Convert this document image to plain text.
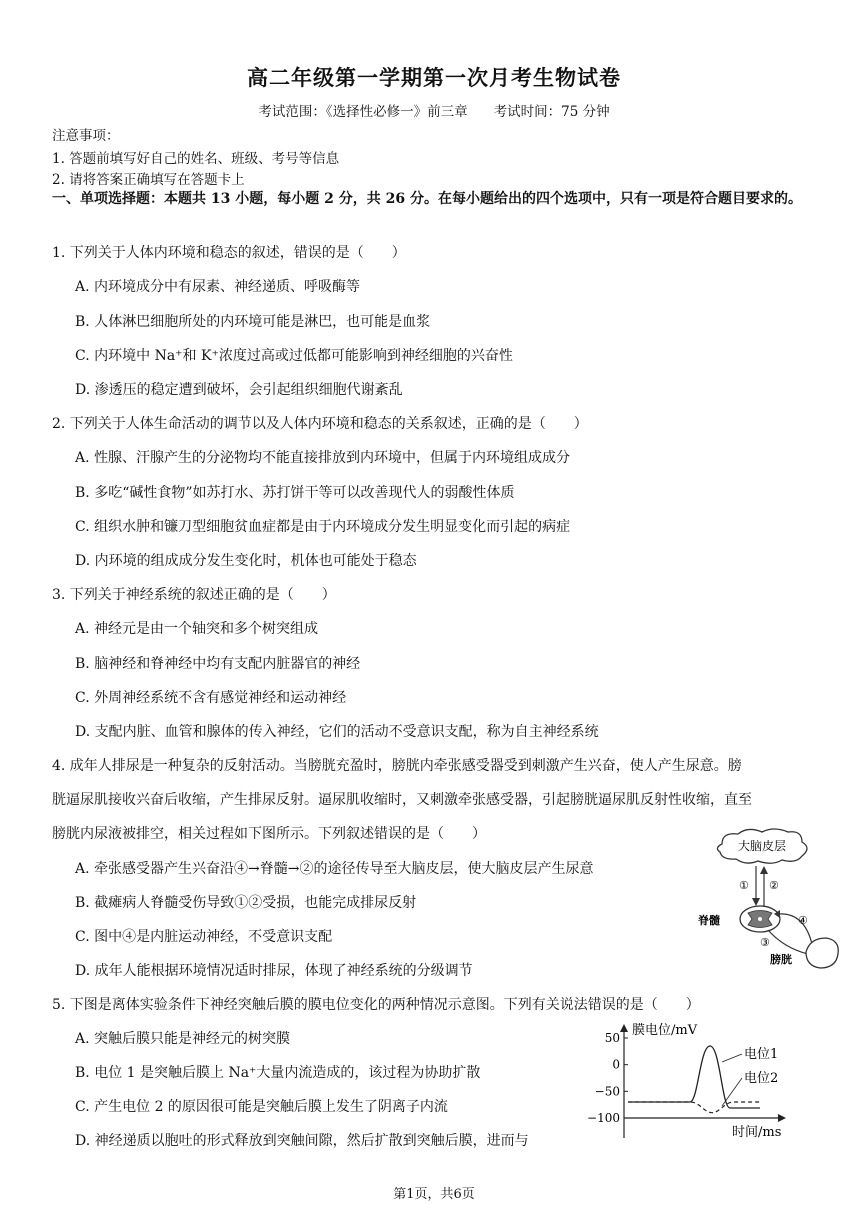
高二年级第一学期第一次月考生物试卷
考试范围：《选择性必修一》前三章 考试时间：75 分钟
注意事项：
1. 答题前填写好自己的姓名、班级、考号等信息
2. 请将答案正确填写在答题卡上
一、单项选择题：本题共 13 小题，每小题 2 分，共 26 分。在每小题给出的四个选项中，只有一项是符合题目要求的。
1. 下列关于人体内环境和稳态的叙述，错误的是（　　）
A. 内环境成分中有尿素、神经递质、呼吸酶等
B. 人体淋巴细胞所处的内环境可能是淋巴，也可能是血浆
C. 内环境中 Na⁺和 K⁺浓度过高或过低都可能影响到神经细胞的兴奋性
D. 渗透压的稳定遭到破坏，会引起组织细胞代谢紊乱
2. 下列关于人体生命活动的调节以及人体内环境和稳态的关系叙述，正确的是（　　）
A. 性腺、汗腺产生的分泌物均不能直接排放到内环境中，但属于内环境组成成分
B. 多吃“碱性食物”如苏打水、苏打饼干等可以改善现代人的弱酸性体质
C. 组织水肿和镰刀型细胞贫血症都是由于内环境成分发生明显变化而引起的病症
D. 内环境的组成成分发生变化时，机体也可能处于稳态
3. 下列关于神经系统的叙述正确的是（　　）
A. 神经元是由一个轴突和多个树突组成
B. 脑神经和脊神经中均有支配内脏器官的神经
C. 外周神经系统不含有感觉神经和运动神经
D. 支配内脏、血管和腺体的传入神经，它们的活动不受意识支配，称为自主神经系统
4. 成年人排尿是一种复杂的反射活动。当膀胱充盈时，膀胱内牵张感受器受到刺激产生兴奋，使人产生尿意。膀
胱逼尿肌接收兴奋后收缩，产生排尿反射。逼尿肌收缩时，又刺激牵张感受器，引起膀胱逼尿肌反射性收缩，直至
膀胱内尿液被排空，相关过程如下图所示。下列叙述错误的是（　　）
A. 牵张感受器产生兴奋沿④→脊髓→②的途径传导至大脑皮层，使大脑皮层产生尿意
B. 截瘫病人脊髓受伤导致①②受损，也能完成排尿反射
C. 图中④是内脏运动神经，不受意识支配
D. 成年人能根据环境情况适时排尿，体现了神经系统的分级调节
大脑皮层
① ②
脊髓	④
③
膀胱
5. 下图是离体实验条件下神经突触后膜的膜电位变化的两种情况示意图。下列有关说法错误的是（　　）
A. 突触后膜只能是神经元的树突膜
B. 电位 1 是突触后膜上 Na⁺大量内流造成的，该过程为协助扩散
C. 产生电位 2 的原因很可能是突触后膜上发生了阴离子内流
D. 神经递质以胞吐的形式释放到突触间隙，然后扩散到突触后膜，进而与
膜电位/mV
时间/ms
50
0
−50
−100
电位1
电位2
第1页，共6页
